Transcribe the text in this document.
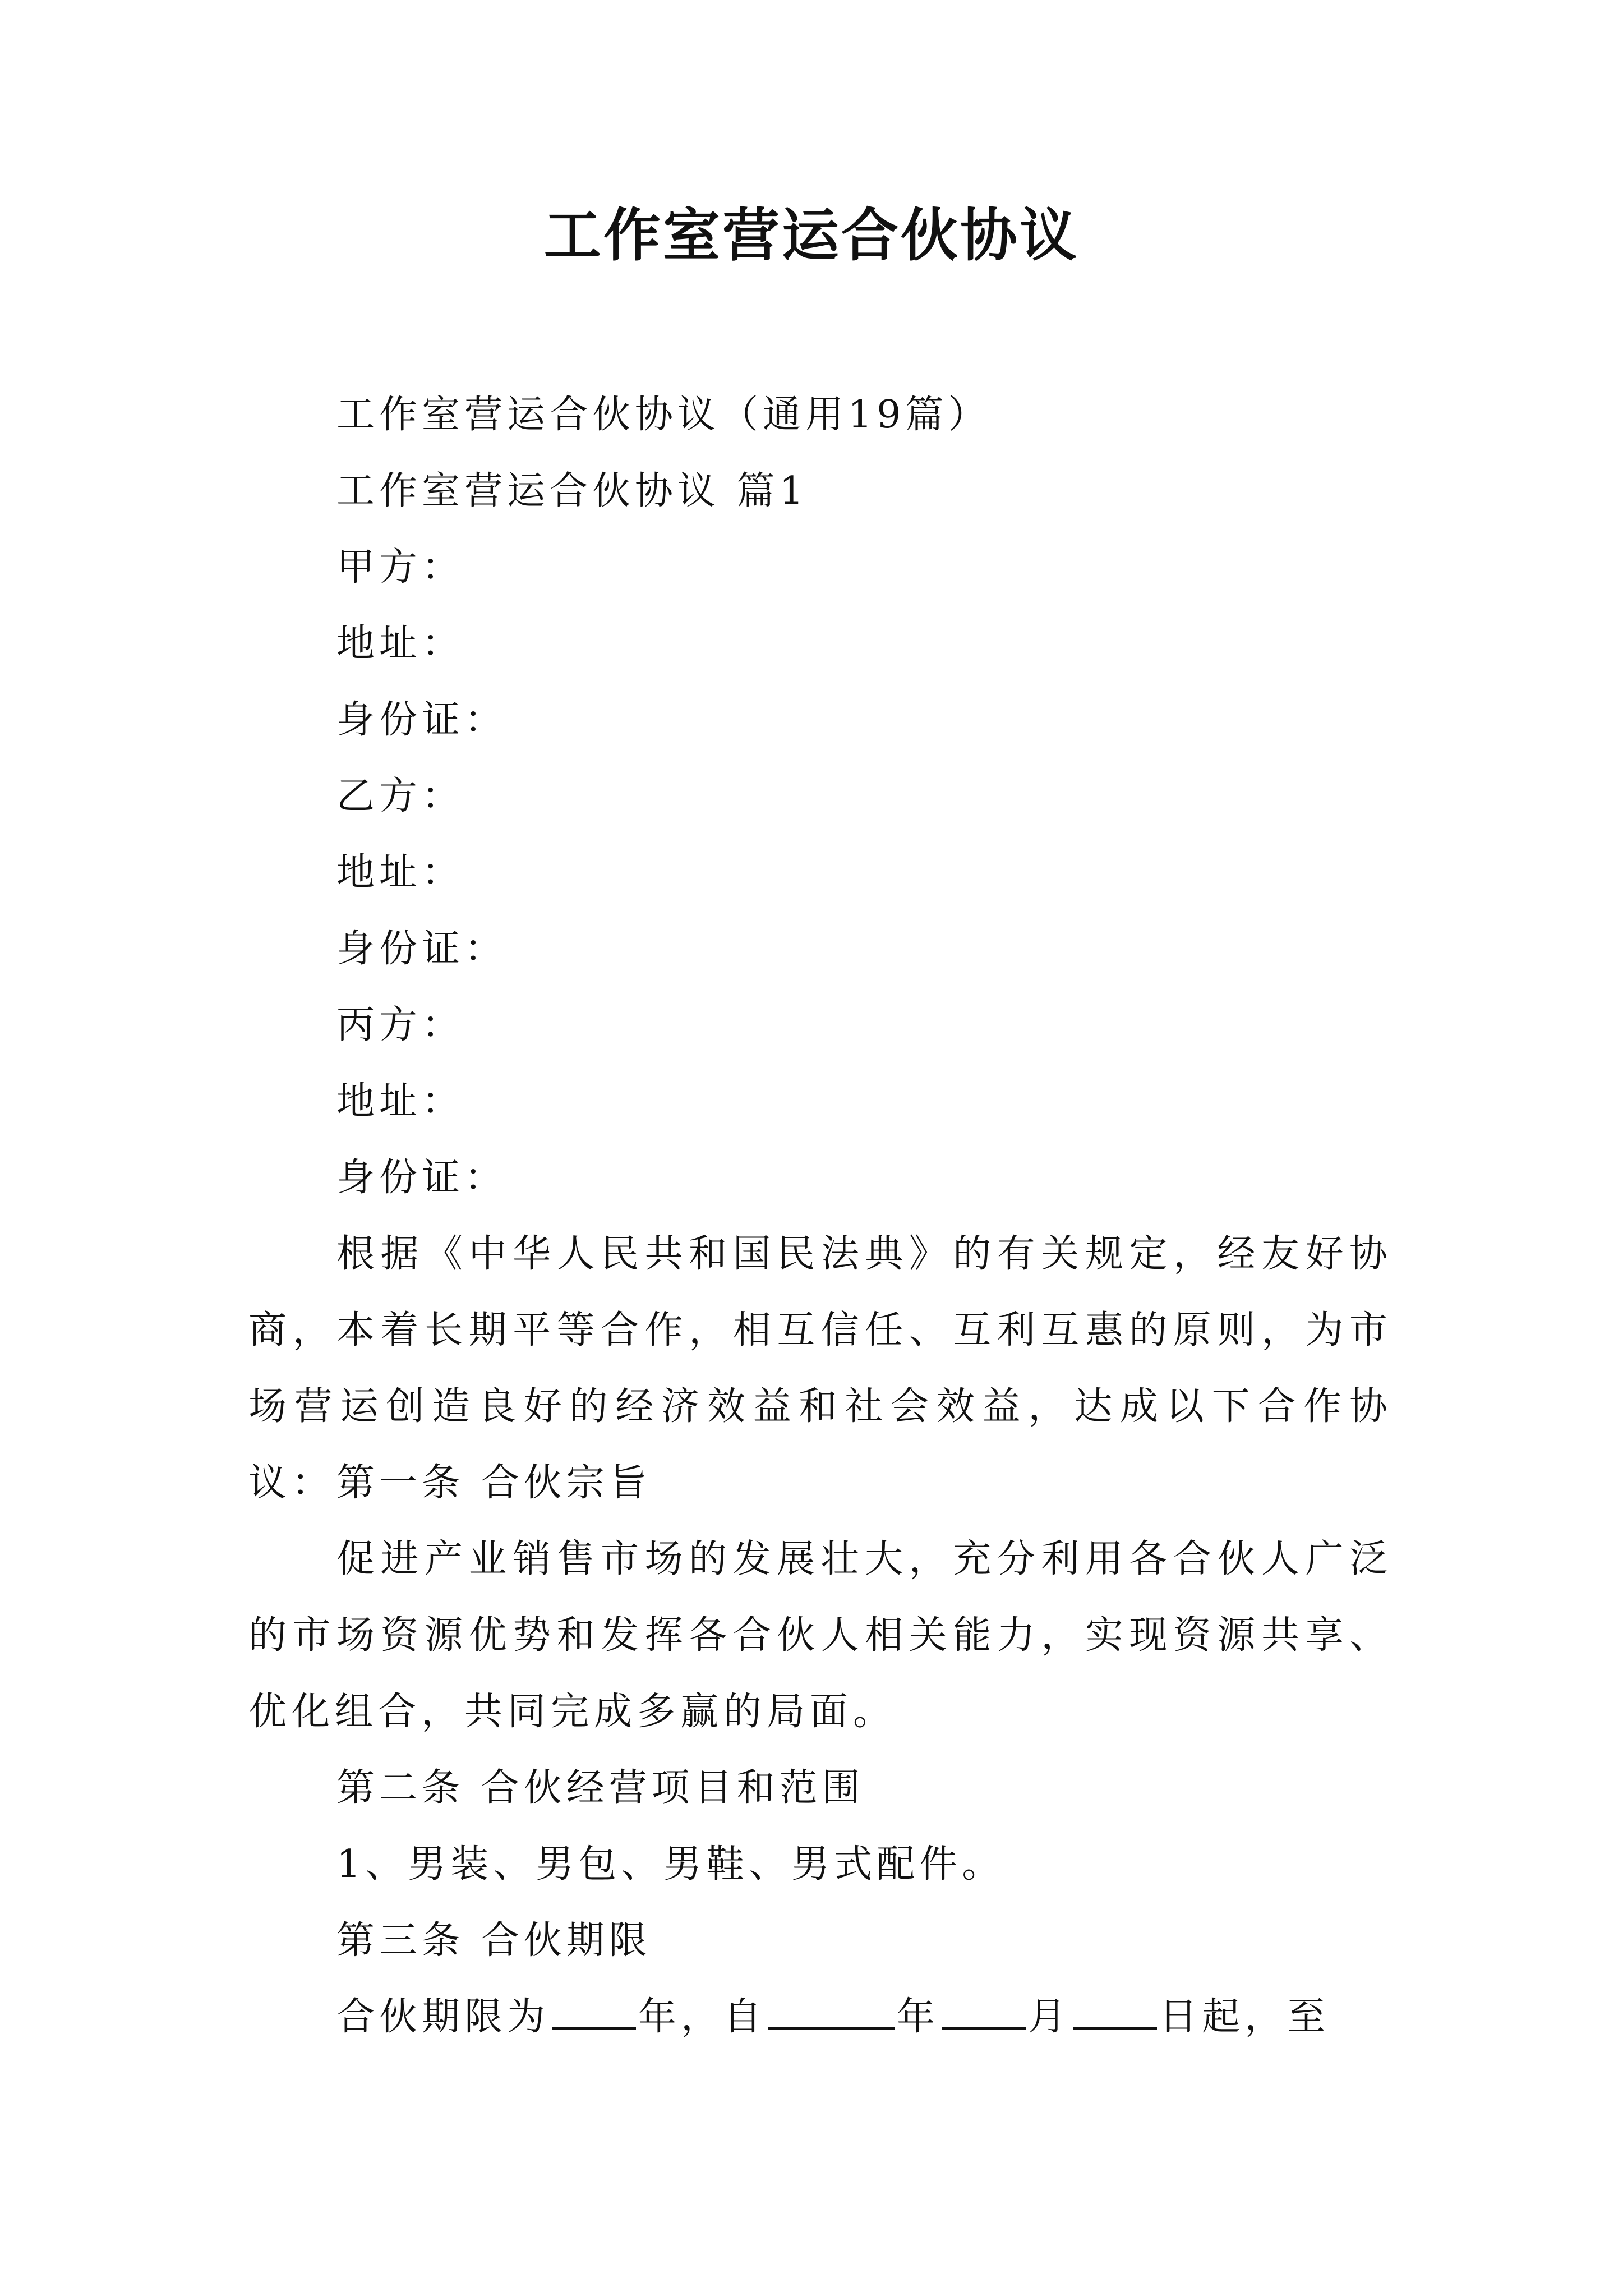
工作室营运合伙协议
工作室营运合伙协议（通用19篇）
工作室营运合伙协议 篇1
甲方：
地址：
身份证：
乙方：
地址：
身份证：
丙方：
地址：
身份证：

根据《中华人民共和国民法典》的有关规定，经友好协商，本着长期平等合作，相互信任、互利互惠的原则，为市场营运创造良好的经济效益和社会效益，达成以下合作协议： 第一条 合伙宗旨

促进产业销售市场的发展壮大，充分利用各合伙人广泛的市场资源优势和发挥各合伙人相关能力，实现资源共享、优化组合，共同完成多赢的局面。

第二条 合伙经营项目和范围
1、男装、男包、男鞋、男式配件。
第三条 合伙期限
合伙期限为 年，自	年 月 日起，至
